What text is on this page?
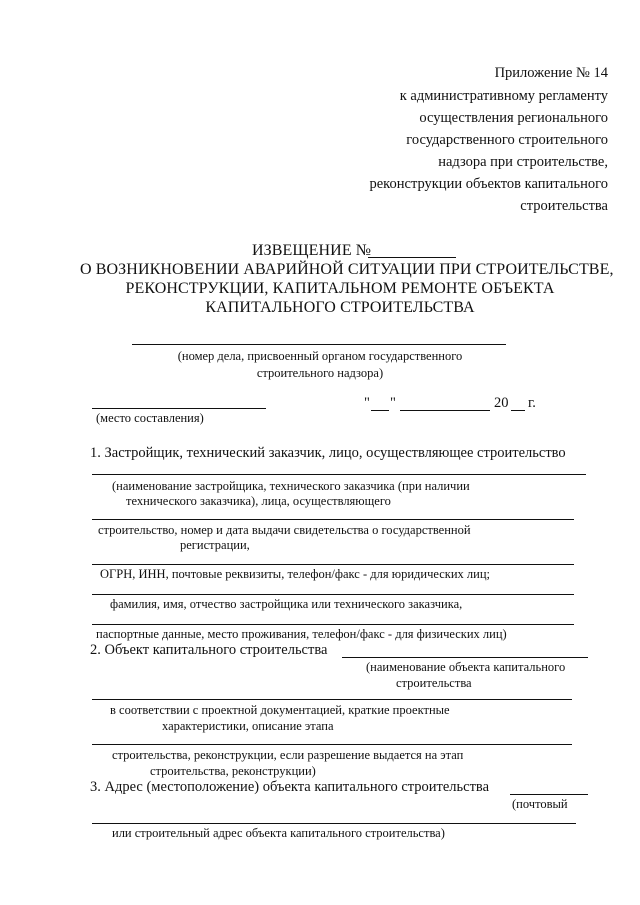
Приложение № 14
к административному регламенту
осуществления регионального
государственного строительного
надзора при строительстве,
реконструкции объектов капитального
строительства
ИЗВЕЩЕНИЕ №
О ВОЗНИКНОВЕНИИ АВАРИЙНОЙ СИТУАЦИИ ПРИ СТРОИТЕЛЬСТВЕ,
РЕКОНСТРУКЦИИ, КАПИТАЛЬНОМ РЕМОНТЕ ОБЪЕКТА
КАПИТАЛЬНОГО СТРОИТЕЛЬСТВА
(номер дела, присвоенный органом государственного
строительного надзора)
(место составления)
" "	20 г.
1. Застройщик, технический заказчик, лицо, осуществляющее строительство
(наименование застройщика, технического заказчика (при наличии
технического заказчика), лица, осуществляющего
строительство, номер и дата выдачи свидетельства о государственной
регистрации,
ОГРН, ИНН, почтовые реквизиты, телефон/факс - для юридических лиц;
фамилия, имя, отчество застройщика или технического заказчика,
паспортные данные, место проживания, телефон/факс - для физических лиц)
2. Объект капитального строительства
(наименование объекта капитального
строительства
в соответствии с проектной документацией, краткие проектные
характеристики, описание этапа
строительства, реконструкции, если разрешение выдается на этап
строительства, реконструкции)
3. Адрес (местоположение) объекта капитального строительства
(почтовый
или строительный адрес объекта капитального строительства)
